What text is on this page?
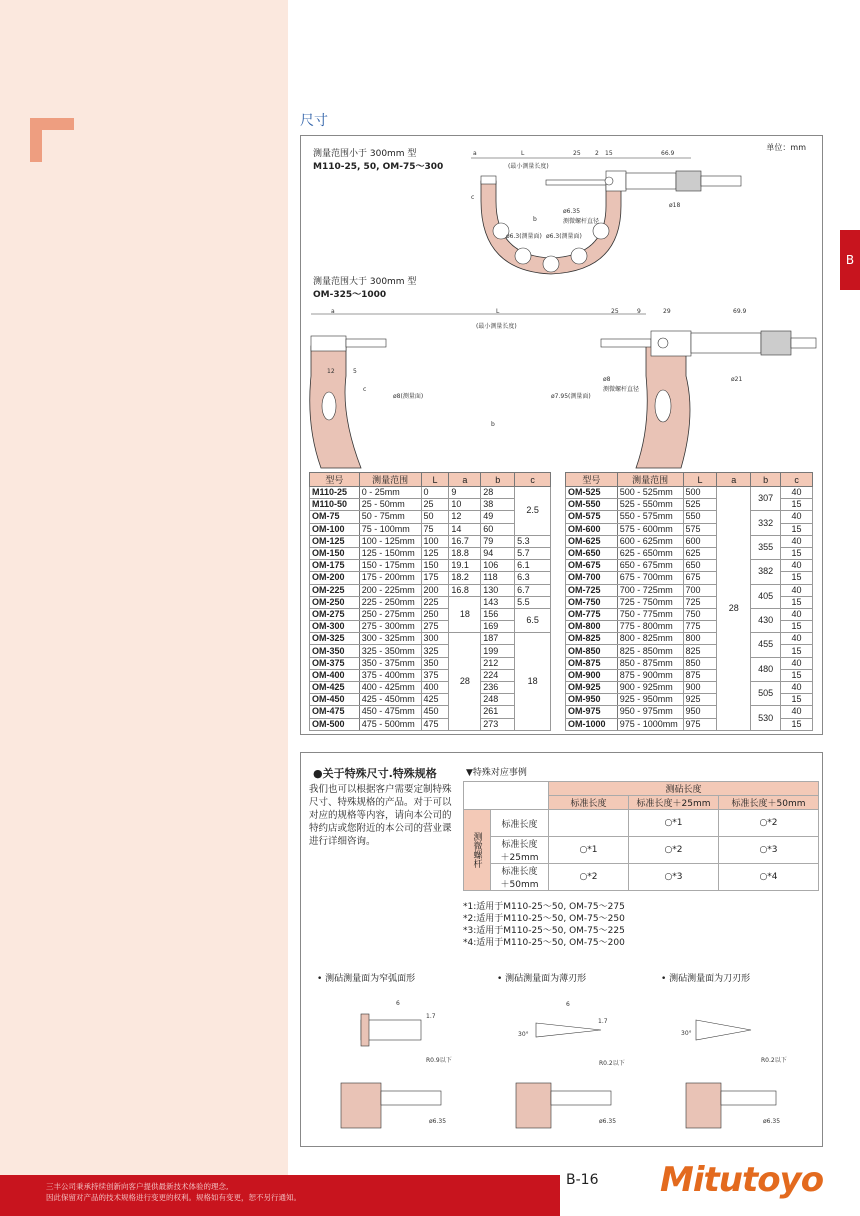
尺寸
B
单位：mm
测量范围小于 300mm 型
M110-25, 50, OM-75～300
测量范围大于 300mm 型
OM-325～1000
a	L
(最小测量长度)
25 2 15	66.9
ø18
c
b
ø6.3(测量面) ø6.3(测量面)
ø6.35
测微螺杆直径
a	L
(最小测量长度)
25	9	29	69.9
12	5
c
b
ø8(测量面)	ø7.95(测量面)
ø8
测微螺杆直径
ø21
型号	测量范围	L	a	b	c
M110-25	0 - 25mm	0	9	28	2.5
M110-50	25 - 50mm	25	10	38	
OM-75	50 - 75mm	50	12	49	
OM-100	75 - 100mm	75	14	60	
OM-125	100 - 125mm	100	16.7	79	5.3
OM-150	125 - 150mm	125	18.8	94	5.7
OM-175	150 - 175mm	150	19.1	106	6.1
OM-200	175 - 200mm	175	18.2	118	6.3
OM-225	200 - 225mm	200	16.8	130	6.7
OM-250	225 - 250mm	225	18	143	5.5
OM-275	250 - 275mm	250		156	6.5
OM-300	275 - 300mm	275		169	
OM-325	300 - 325mm	300	28	187	18
OM-350	325 - 350mm	325		199	
OM-375	350 - 375mm	350		212	
OM-400	375 - 400mm	375		224	
OM-425	400 - 425mm	400		236	
OM-450	425 - 450mm	425		248	
OM-475	450 - 475mm	450		261	
OM-500	475 - 500mm	475		273	
型号	测量范围	L	a	b	c
OM-525	500 - 525mm	500	28	307	40
OM-550	525 - 550mm	525			15
OM-575	550 - 575mm	550		332	40
OM-600	575 - 600mm	575			15
OM-625	600 - 625mm	600		355	40
OM-650	625 - 650mm	625			15
OM-675	650 - 675mm	650		382	40
OM-700	675 - 700mm	675			15
OM-725	700 - 725mm	700		405	40
OM-750	725 - 750mm	725			15
OM-775	750 - 775mm	750		430	40
OM-800	775 - 800mm	775			15
OM-825	800 - 825mm	800		455	40
OM-850	825 - 850mm	825			15
OM-875	850 - 875mm	850		480	40
OM-900	875 - 900mm	875			15
OM-925	900 - 925mm	900		505	40
OM-950	925 - 950mm	925			15
OM-975	950 - 975mm	950		530	40
OM-1000	975 - 1000mm	975			15
●关于特殊尺寸.特殊规格
我们也可以根据客户需要定制特殊尺寸、特殊规格的产品。对于可以对应的规格等内容，请向本公司的特约店或您附近的本公司的营业课进行详细咨询。
▼特殊对应事例
		测砧长度		
		标准长度	标准长度＋25mm	标准长度＋50mm
测微螺杆	标准长度		○*1	○*2
	标准长度
＋25mm	○*1	○*2	○*3
	标准长度
＋50mm	○*2	○*3	○*4
*1:适用于M110-25～50, OM-75～275
*2:适用于M110-25～50, OM-75～250
*3:适用于M110-25～50, OM-75～225
*4:适用于M110-25～50, OM-75～200
• 测砧测量面为窄弧面形	• 测砧测量面为薄刃形	• 测砧测量面为刀刃形
6
1.7
R0.9以下
ø6.35
6
1.7
30°
R0.2以下
ø6.35
30°
R0.2以下
ø6.35
三丰公司秉承持续创新向客户提供最新技术体验的理念,
因此保留对产品的技术规格进行变更的权利。规格如有变更，恕不另行通知。
B-16 Mitutoyo
